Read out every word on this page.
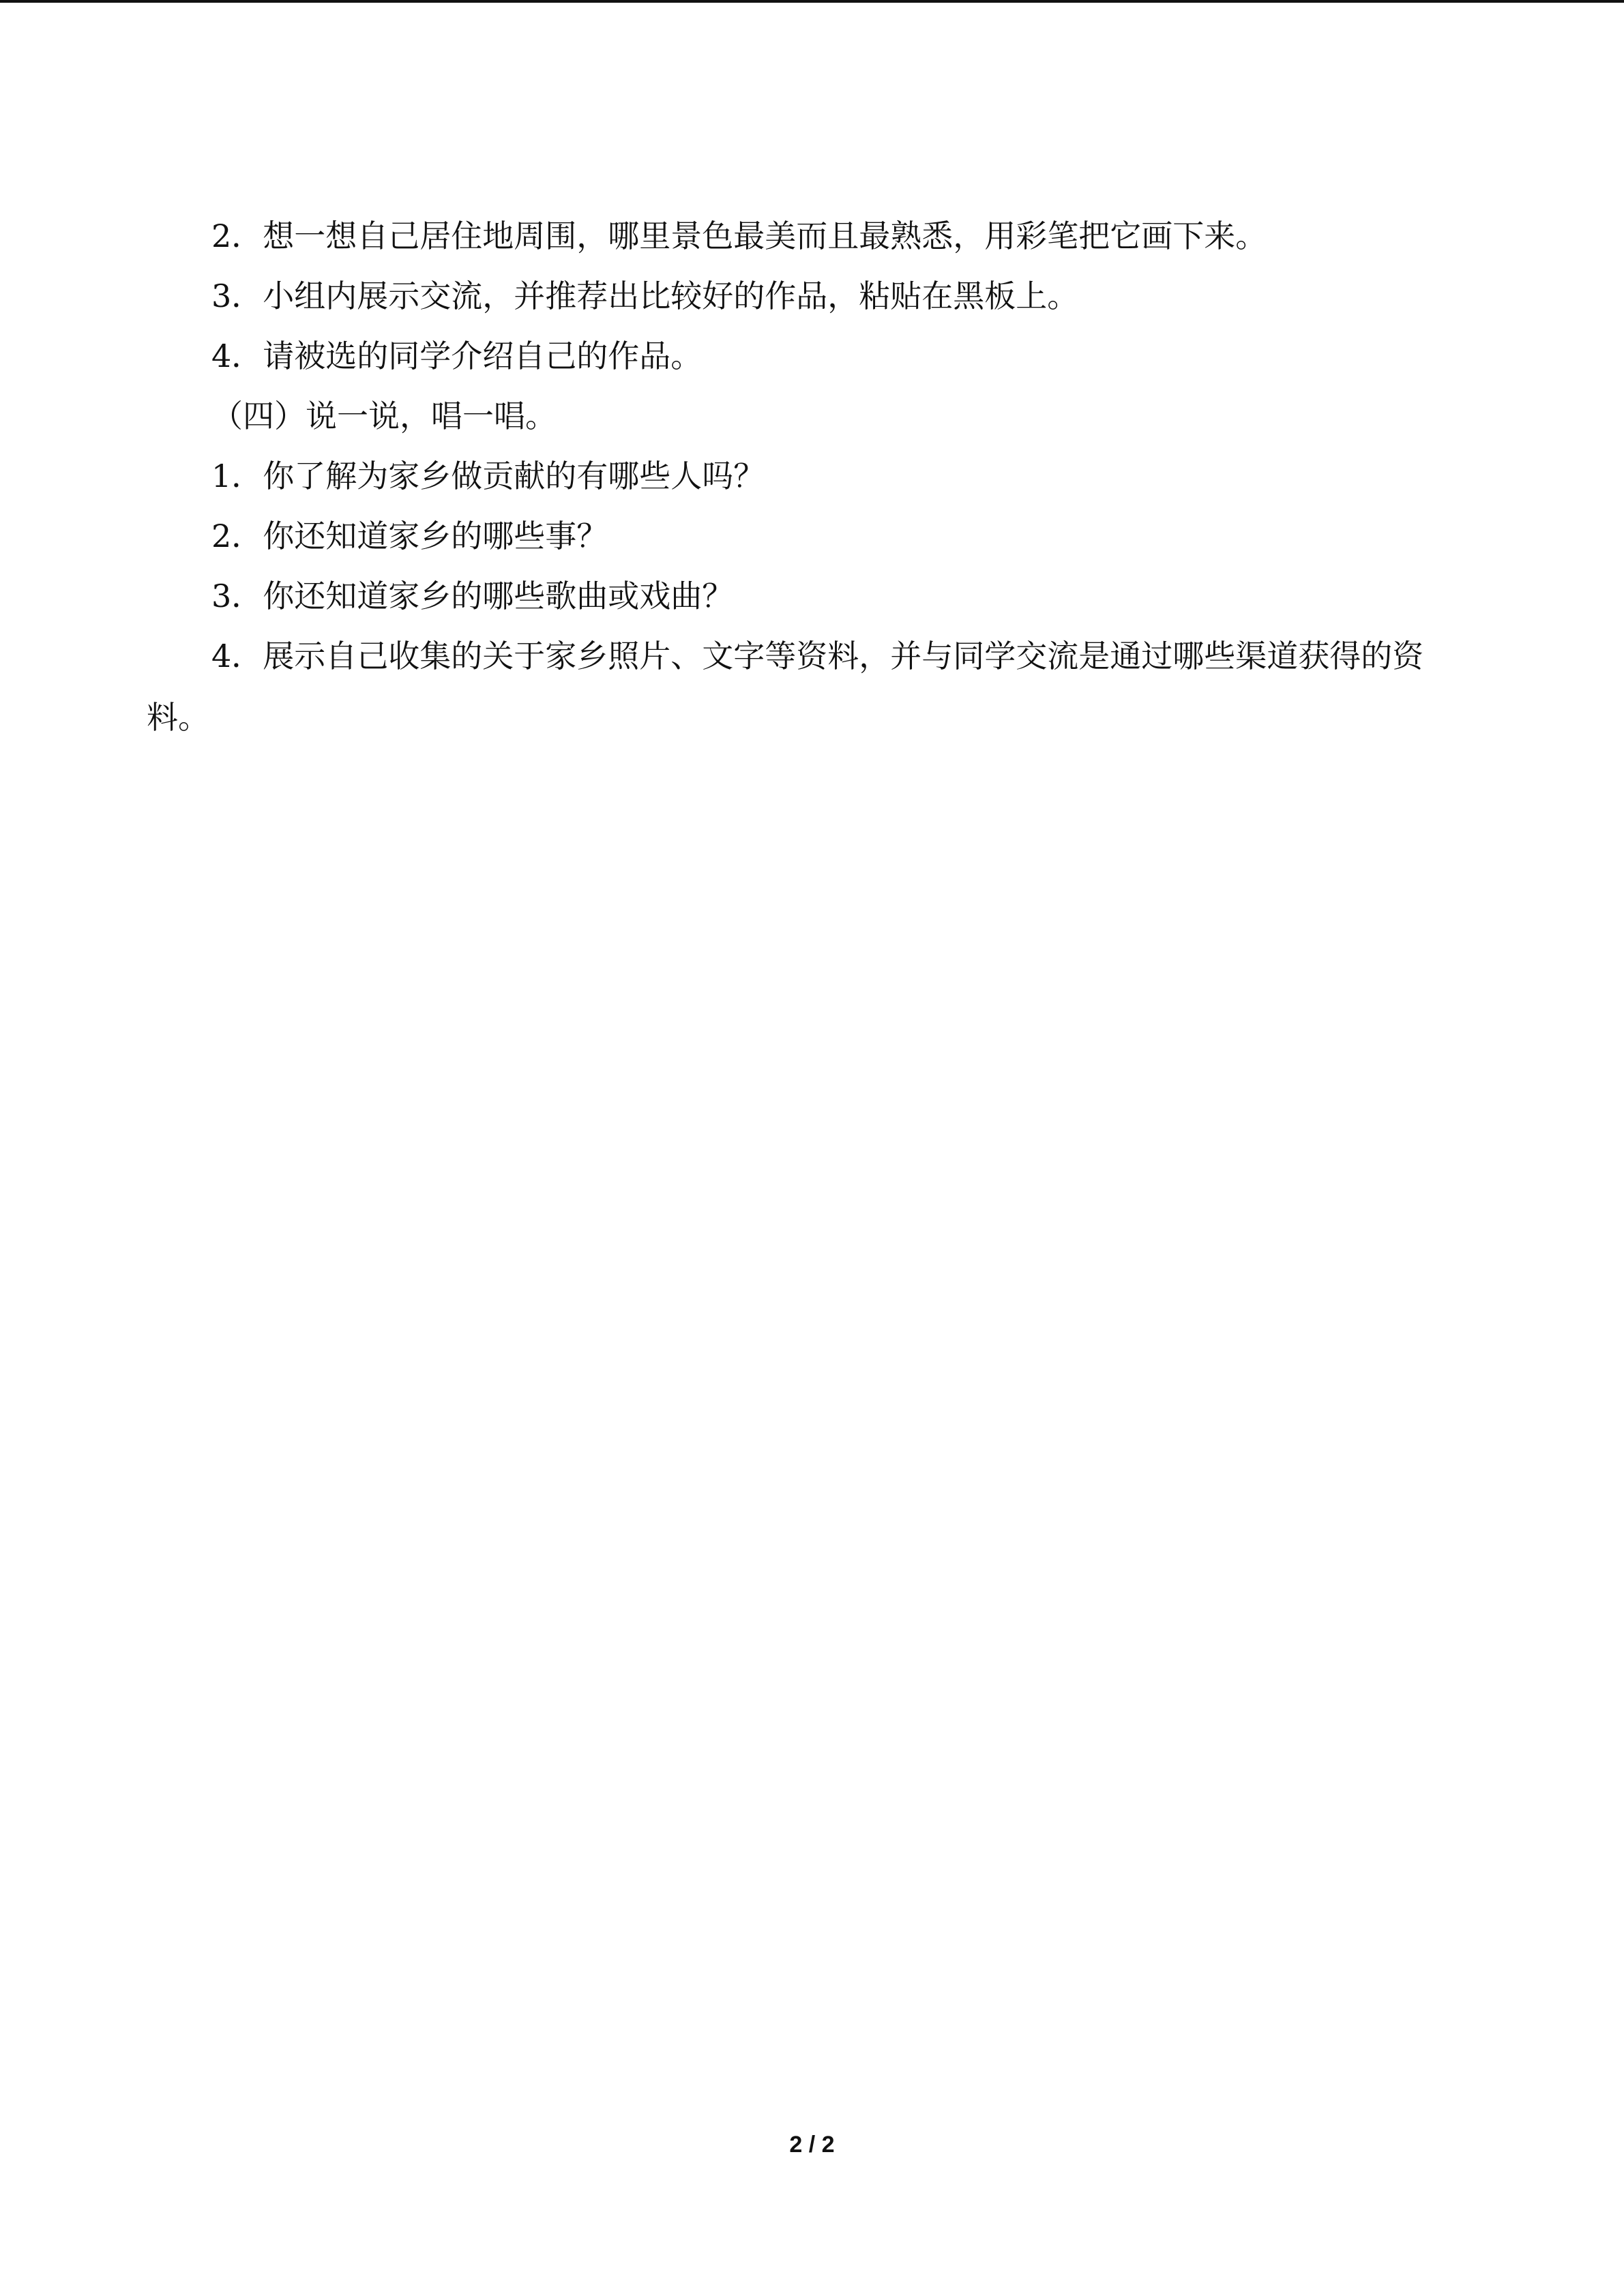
2．想一想自己居住地周围，哪里景色最美而且最熟悉，用彩笔把它画下来。
3．小组内展示交流，并推荐出比较好的作品，粘贴在黑板上。
4．请被选的同学介绍自己的作品。
（四）说一说，唱一唱。
1．你了解为家乡做贡献的有哪些人吗？
2．你还知道家乡的哪些事？
3．你还知道家乡的哪些歌曲或戏曲？
4．展示自己收集的关于家乡照片、文字等资料，并与同学交流是通过哪些渠道获得的资
料。
2 / 2
